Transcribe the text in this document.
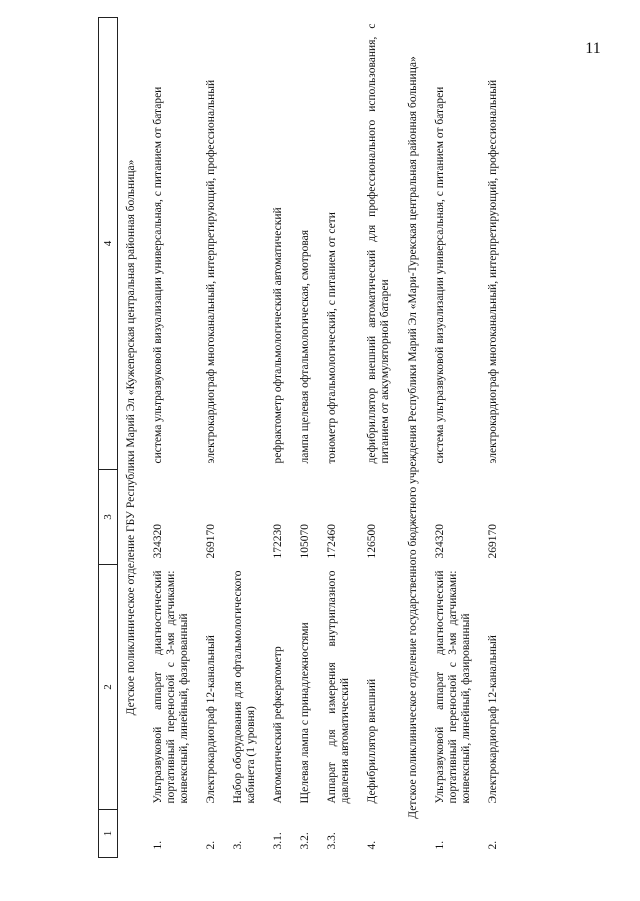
11
1	2	3	4
Детское поликлиническое отделение ГБУ Республики Марий Эл «Кужenерская центральная районная больница»			
1.	Ультразвуковой аппарат диагностический портативный переносной с 3-мя датчиками: конвексный, линейный, фазированный	324320	система ультразвуковой визуализации универсальная, с питанием от батареи
2.	Электрокардиограф 12-канальный	269170	электрокардиограф многоканальный, интерпретирующий, профессиональный
3.	Набор оборудования для офтальмологического кабинета (1 уровня)		
3.1.	Автоматический рефкератометр	172230	рефрактометр офтальмологический автоматический
3.2.	Щелевая лампа с принадлежностями	105070	лампа щелевая офтальмологическая, смотровая
3.3.	Аппарат для измерения внутриглазного давления автоматический	172460	тонометр офтальмологический, с питанием от сети
4.	Дефибриллятор внешний	126500	дефибриллятор внешний автоматический для профессионального использования, с питанием от аккумуляторной батареи
Детское поликлиническое отделение государственного бюджетного учреждения Республики Марий Эл «Мари-Турекская центральная районная больница»			
1.	Ультразвуковой аппарат диагностический портативный переносной с 3-мя датчиками: конвексный, линейный, фазированный	324320	система ультразвуковой визуализации универсальная, с питанием от батареи
2.	Электрокардиограф 12-канальный	269170	электрокардиограф многоканальный, интерпретирующий, профессиональный
